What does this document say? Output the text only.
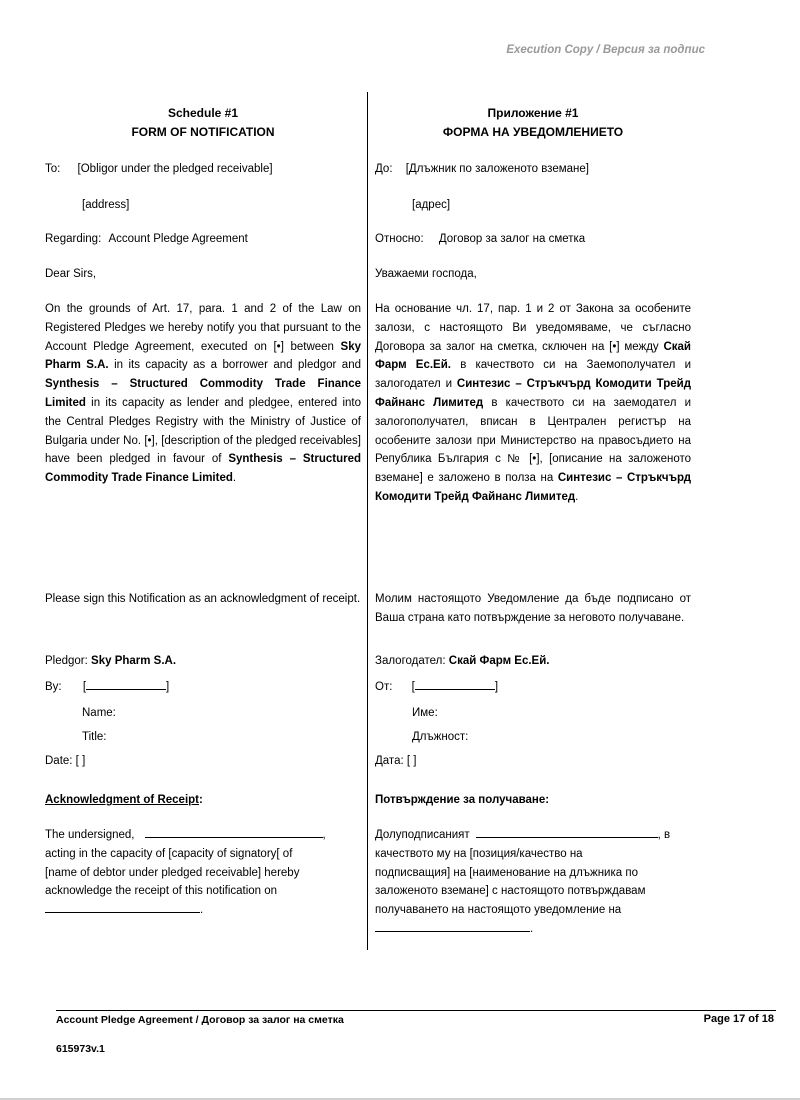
Execution Copy / Версия за подпис
Schedule #1
FORM OF NOTIFICATION
To: [Obligor under the pledged receivable]
[address]
Regarding: Account Pledge Agreement
Dear Sirs,
On the grounds of Art. 17, para. 1 and 2 of the Law on Registered Pledges we hereby notify you that pursuant to the Account Pledge Agreement, executed on [•] between Sky Pharm S.A. in its capacity as a borrower and pledgor and Synthesis – Structured Commodity Trade Finance Limited in its capacity as lender and pledgee, entered into the Central Pledges Registry with the Ministry of Justice of Bulgaria under No. [•], [description of the pledged receivables] have been pledged in favour of Synthesis – Structured Commodity Trade Finance Limited.
Please sign this Notification as an acknowledgment of receipt.
Pledgor: Sky Pharm S.A.
By: [	]
Name:
Title:
Date: [ ]
Acknowledgment of Receipt:
The undersigned,	,
acting in the capacity of [capacity of signatory[ of
[name of debtor under pledged receivable] hereby
acknowledge the receipt of this notification on
.
Приложение #1
ФОРМА НА УВЕДОМЛЕНИЕТО
До: [Длъжник по заложеното вземане]
[адрес]
Относно: Договор за залог на сметка
Уважаеми господа,
На основание чл. 17, пар. 1 и 2 от Закона за особените залози, с настоящото Ви уведомяваме, че съгласно Договора за залог на сметка, сключен на [•] между Скай Фарм Ес.Ей. в качеството си на Заемополучател и залогодател и Синтезис – Стръкчърд Комодити Трейд Файнанс Лимитед в качеството си на заемодател и залогополучател, вписан в Централен регистър на особените залози при Министерство на правосъдието на Република България с № [•], [описание на заложеното вземане] е заложено в полза на Синтезис – Стръкчърд Комодити Трейд Файнанс Лимитед.
Молим настоящото Уведомление да бъде подписано от Ваша страна като потвърждение за неговото получаване.
Залогодател: Скай Фарм Ес.Ей.
От: [	]
Име:
Длъжност:
Дата: [ ]
Потвърждение за получаване:
Долуподписаният	, в
качеството му на [позиция/качество на
подписващия] на [наименование на длъжника по
заложеното вземане] с настоящото потвърждавам
получаването на настоящото уведомление на
.
Account Pledge Agreement / Договор за залог на сметка	Page 17 of 18
615973v.1
